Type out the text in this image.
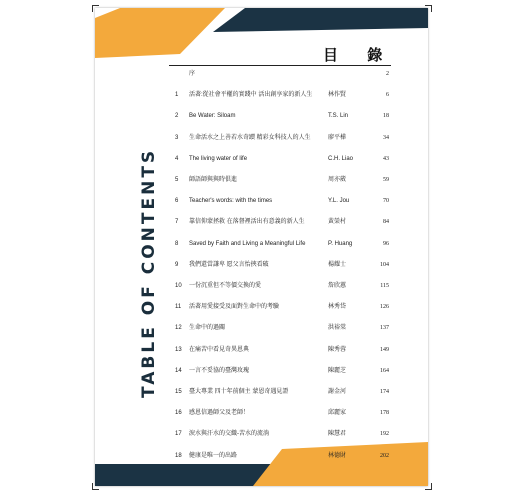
TABLE OF CONTENTS
目 錄
序	2
1	活著:從社會平權的實踐中 活出創享家的新人生	林作賢	6
2	Be Water: Siloam	T.S. Lin	18
3	生命活水之上善若水奇蹟 精彩女科技人的人生	廖平樺	34
4	The living water of life	C.H. Liao	43
5	師語師與與時俱進	周亦葳	59
6	Teacher's words: with the times	Y.L. Jou	70
7	靠信仰蒙拯救 在落督裡活出有意義的新人生	黃榮村	84
8	Saved by Faith and Living a Meaningful Life	P. Huang	96
9	我們還當謙卑 愿父言怡挾看破	楊耀士	104
10	一份沉重但不等價交換的愛	詹欣蕙	115
11	活著用愛接受及面對生命中的考驗	林秀岱	126
12	生命中的過關	洪裕棠	137
13	在痛苦中看見奇異恩典	陳秀蓉	149
14	一言不妥協的臺灣玫瑰	陳麗芝	164
15	臺大專業 四十年前個主 蒙恩奇遇見證	謝金河	174
16	感恩信過師父及老師！	邱麗家	178
17	淚水與汗水的交織-苦水的流淌	陳慧君	192
18	健康是唯一的出路	林德財	202
